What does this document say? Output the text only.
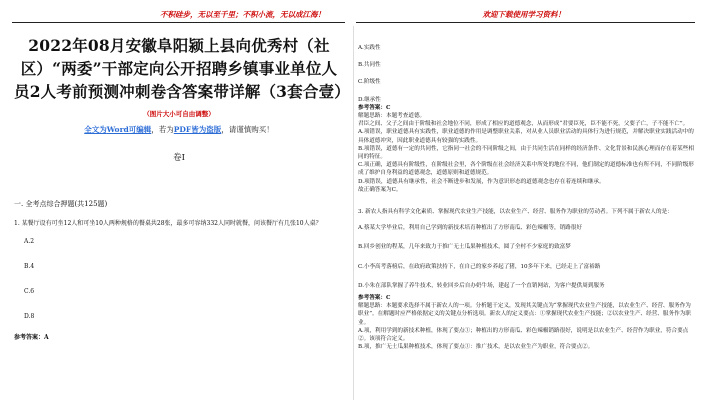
不积硅步，无以至千里；不积小流，无以成江海！	欢迎下载使用学习资料！
2022年08月安徽阜阳颍上县向优秀村（社区）“两委”干部定向公开招聘乡镇事业单位人员2人考前预测冲刺卷含答案带详解（3套合壹）
（图片大小可自由调整）
全文为Word可编辑，若为PDF皆为盗版，请谨慎购买！
卷I
一. 全考点综合押题(共125题)
1. 某餐厅设有可坐12人和可坐10人两种规格的餐桌共28张，最多可容纳332人同时就餐，问该餐厅有几张10人桌？
A.2
B.4
C.6
D.8
参考答案：A
A.实践性
B.共同性
C.阶级性
D.继承性
参考答案：C
解题思路：本题考查道德。
君臣之间、父子之间由于阶级和社会地位不同，形成了相应的道德观念，从而形成“君要臣死，臣不能不死，父要子亡，子不能不亡”。
A.项错误，职业道德具有实践性，职业道德的作用是调整职业关系，对从业人员职业活动的具体行为进行规范，并解决职业实践活动中的具体道德冲突，因此职业道德具有较强的实践性。
B.项错误，道德有一定的共同性，它指同一社会的不同阶级之间，由于共同生活在同样的经济条件、文化背景和民族心理而存在着某些相同的特征。
C.项正确，道德具有阶级性，在阶级社会里，各个阶级在社会经济关系中所处的地位不同，他们制定的道德标准也有所不同，不同阶级形成了维护自身利益的道德观念，道德原则和道德规范。
D.项错误，道德具有继承性，社会不断进步和发展，作为意识形态的道德观念也存在着连续和继承。
故正确答案为C。
3. 新农人指具有科学文化素质、掌握现代农业生产技能，以农业生产、经营、服务作为职业的劳动者。下列不属于新农人的是：
A.蔡某大学毕业后，利用自己学到的新技术培育种植出了方形南瓜、彩色辣椒等，销路很好
B.回乡创业的程某，几年来致力于推广无土瓜果种植技术，圆了全村不少家庭的致富梦
C.小李高考落榜后，在政府政策扶持下，在自己的家乡养起了猪，10多年下来，已经走上了富裕路
D.小朱在部队掌握了养牛技术，转业回乡后自办奶牛场，建起了一个直销网站，为客户提供周到服务
参考答案：C
解题思路：本题要求选择不属于新农人的一项。分析题干定义，发现其关键点为“掌握现代农业生产技能，以农业生产、经营、服务作为职业”。在解题时应严格依据定义的关键点分析选项。新农人的定义要点：①掌握现代农业生产技能；②以农业生产、经营、服务作为职业。
A.项，利用学到的新技术种植，体现了要点①；种植出的方形南瓜、彩色辣椒销路很好，说明是以农业生产、经营作为职业，符合要点②。该项符合定义。
B.项，推广无土瓜果种植技术，体现了要点①：推广技术，是以农业生产为职业，符合要点②。
